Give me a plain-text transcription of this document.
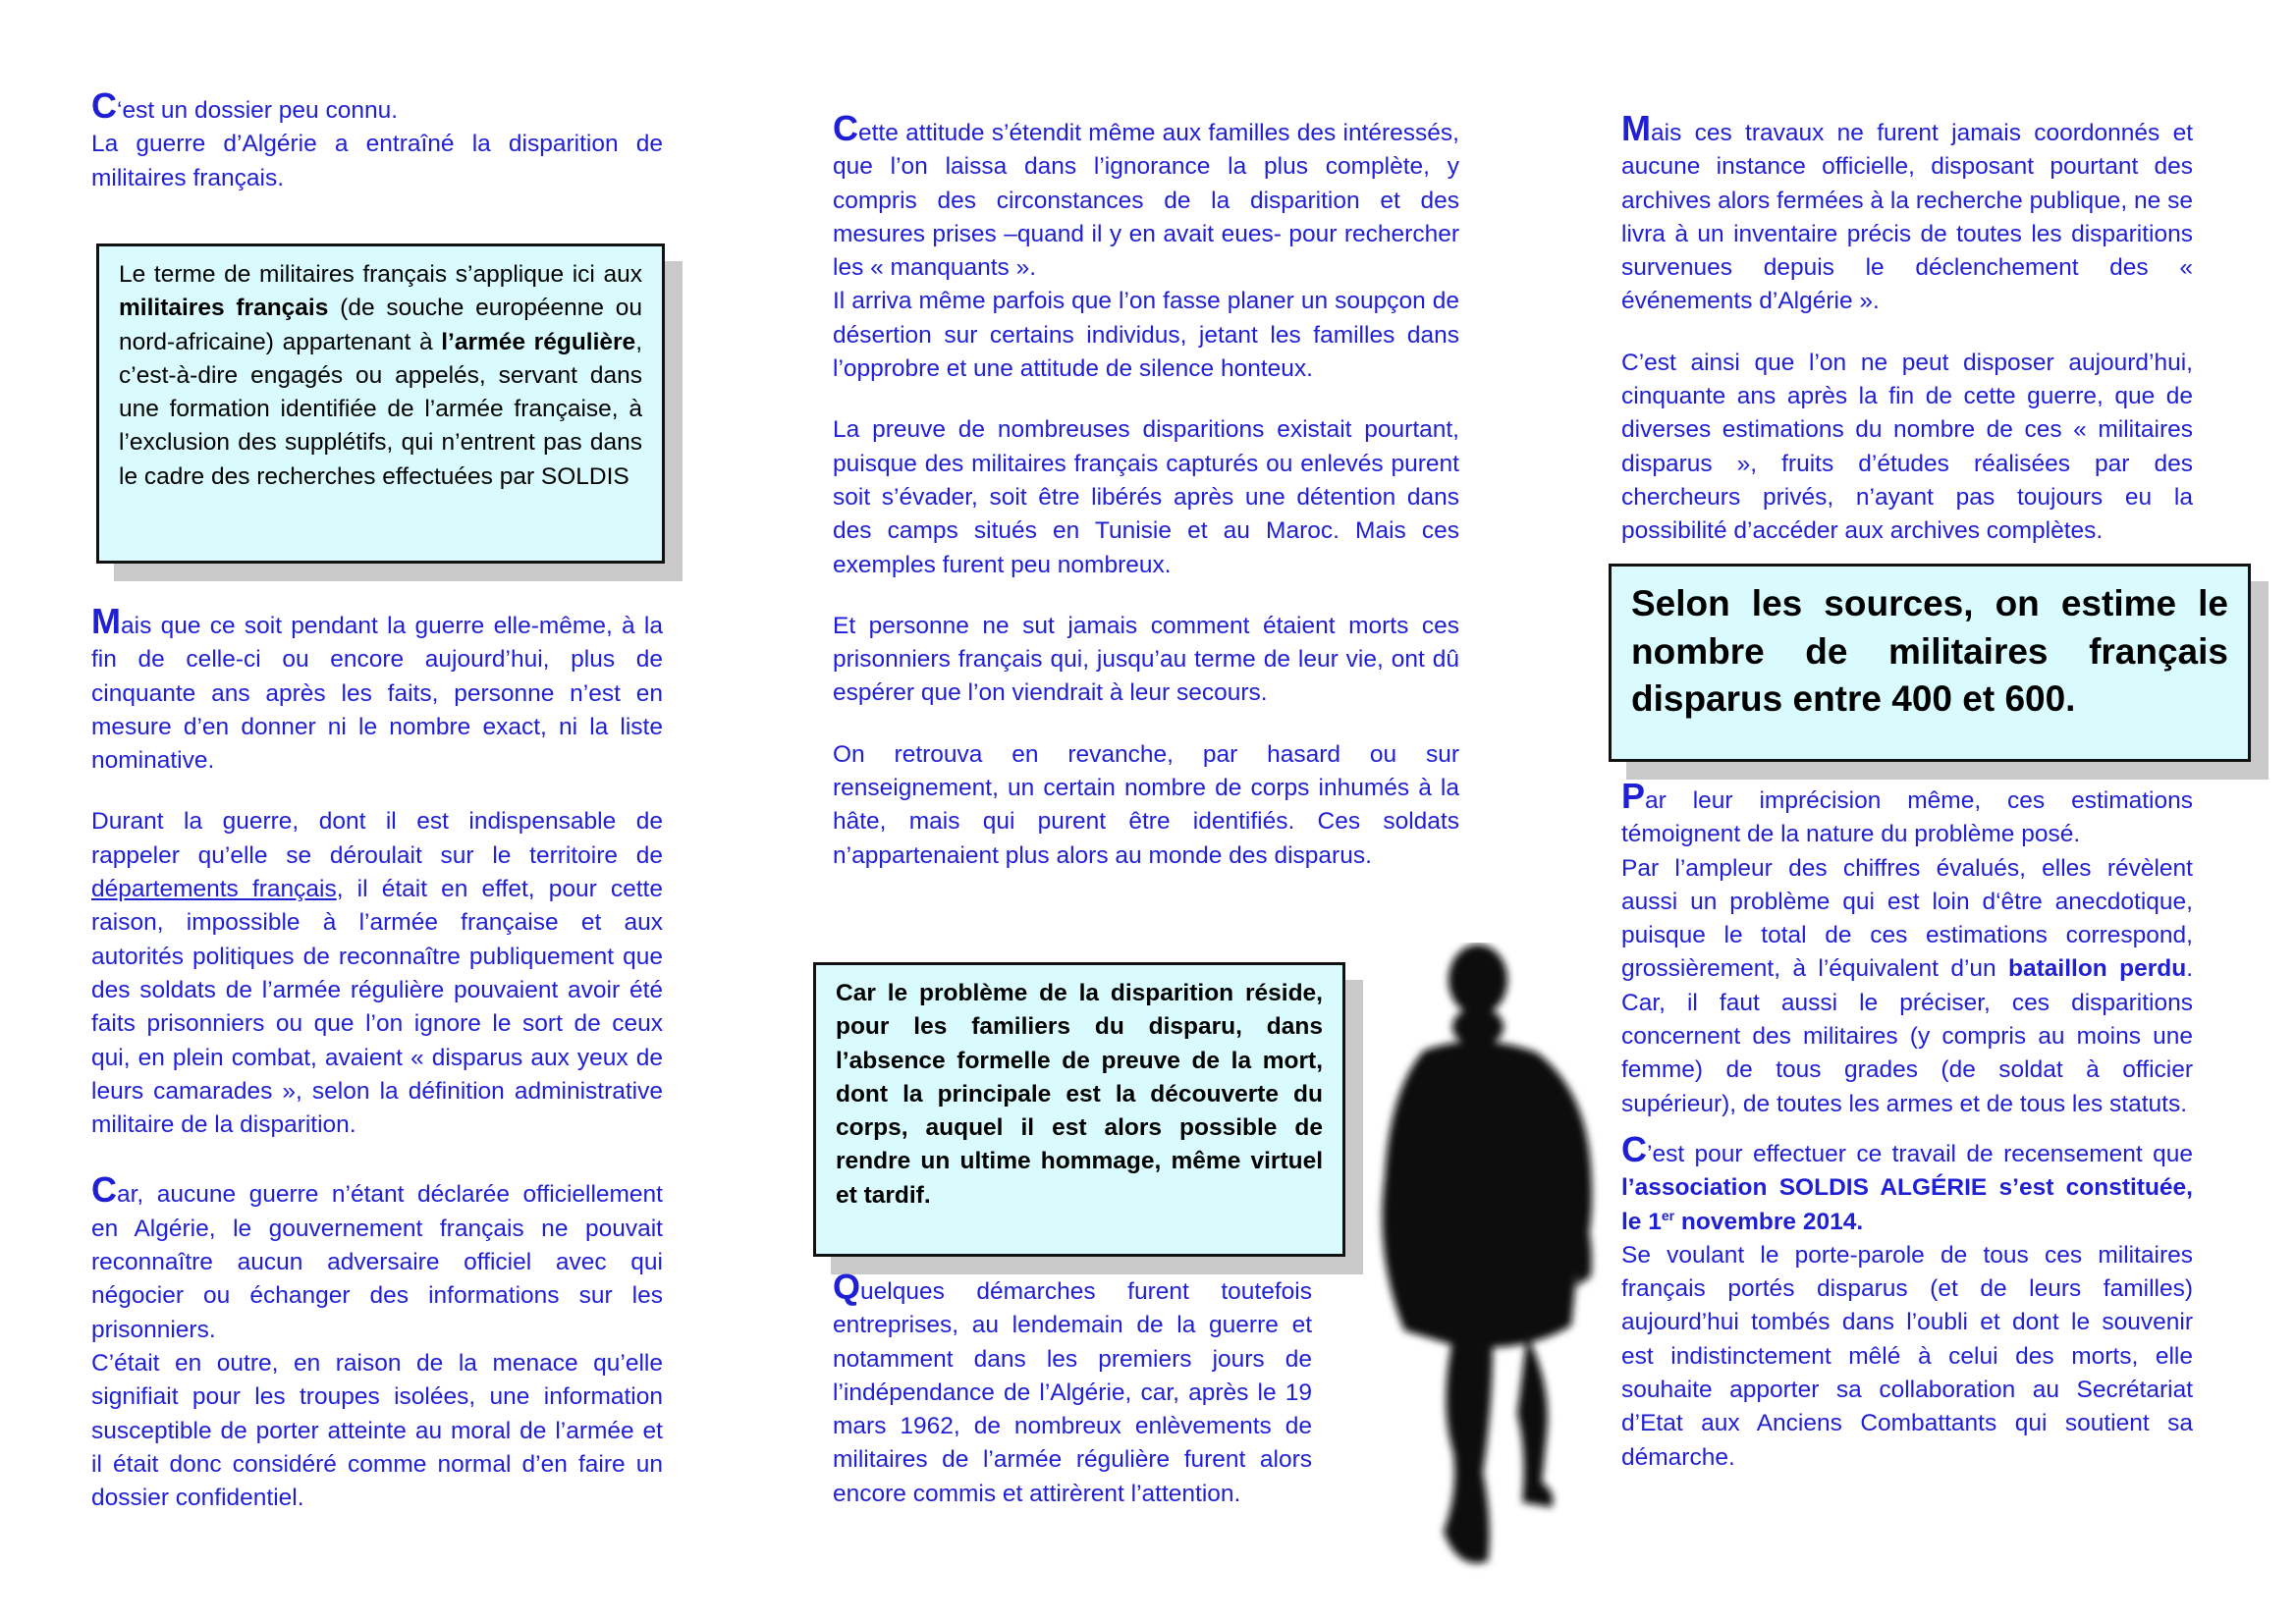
C‘est un dossier peu connu.

La guerre d’Algérie a entraîné la disparition de militaires français.

Le terme de militaires français s’applique ici aux militaires français (de souche européenne ou nord-africaine) appartenant à l’armée régulière, c’est-à-dire engagés ou appelés, servant dans une formation identifiée de l’armée française, à l’exclusion des supplétifs, qui n’entrent pas dans le cadre des recherches effectuées par SOLDIS

Mais que ce soit pendant la guerre elle-même, à la fin de celle-ci ou encore aujourd’hui, plus de cinquante ans après les faits, personne n’est en mesure d’en donner ni le nombre exact, ni la liste nominative.

Durant la guerre, dont il est indispensable de rappeler qu’elle se déroulait sur le territoire de départements français, il était en effet, pour cette raison, impossible à l’armée française et aux autorités politiques de reconnaître publiquement que des soldats de l’armée régulière pouvaient avoir été faits prisonniers ou que l’on ignore le sort de ceux qui, en plein combat, avaient « disparus aux yeux de leurs camarades », selon la définition administrative militaire de la disparition.

Car, aucune guerre n’étant déclarée officiellement en Algérie, le gouvernement français ne pouvait reconnaître aucun adversaire officiel avec qui négocier ou échanger des informations sur les prisonniers.

C’était en outre, en raison de la menace qu’elle signifiait pour les troupes isolées, une information susceptible de porter atteinte au moral de l’armée et il était donc considéré comme normal d’en faire un dossier confidentiel.

Cette attitude s’étendit même aux familles des intéressés, que l’on laissa dans l’ignorance la plus complète, y compris des circonstances de la disparition et des mesures prises –quand il y en avait eues- pour rechercher les « manquants ».

Il arriva même parfois que l’on fasse planer un soupçon de désertion sur certains individus, jetant les familles dans l’opprobre et une attitude de silence honteux.

La preuve de nombreuses disparitions existait pourtant, puisque des militaires français capturés ou enlevés purent soit s’évader, soit être libérés après une détention dans des camps situés en Tunisie et au Maroc. Mais ces exemples furent peu nombreux.

Et personne ne sut jamais comment étaient morts ces prisonniers français qui, jusqu’au terme de leur vie, ont dû espérer que l’on viendrait à leur secours.

On retrouva en revanche, par hasard ou sur renseignement, un certain nombre de corps inhumés à la hâte, mais qui purent être identifiés. Ces soldats n’appartenaient plus alors au monde des disparus.

Car le problème de la disparition réside, pour les familiers du disparu, dans l’absence formelle de preuve de la mort, dont la principale est la découverte du corps, auquel il est alors possible de rendre un ultime hommage, même virtuel et tardif.

Quelques démarches furent toutefois entreprises, au lendemain de la guerre et notamment dans les premiers jours de l’indépendance de l’Algérie, car, après le 19 mars 1962, de nombreux enlèvements de militaires de l’armée régulière furent alors encore commis et attirèrent l’attention.

Mais ces travaux ne furent jamais coordonnés et aucune instance officielle, disposant pourtant des archives alors fermées à la recherche publique, ne se livra à un inventaire précis de toutes les disparitions survenues depuis le déclenchement des « événements d’Algérie ».

C’est ainsi que l’on ne peut disposer aujourd’hui, cinquante ans après la fin de cette guerre, que de diverses estimations du nombre de ces « militaires disparus », fruits d’études réalisées par des chercheurs privés, n’ayant pas toujours eu la possibilité d’accéder aux archives complètes.

Selon les sources, on estime le nombre de militaires français disparus entre 400 et 600.

Par leur imprécision même, ces estimations témoignent de la nature du problème posé.

Par l’ampleur des chiffres évalués, elles révèlent aussi un problème qui est loin d‘être anecdotique, puisque le total de ces estimations correspond, grossièrement, à l’équivalent d’un bataillon perdu. Car, il faut aussi le préciser, ces disparitions concernent des militaires (y compris au moins une femme) de tous grades (de soldat à officier supérieur), de toutes les armes et de tous les statuts.

C’est pour effectuer ce travail de recensement que l’association SOLDIS ALGÉRIE s’est constituée, le 1er novembre 2014.

Se voulant le porte-parole de tous ces militaires français portés disparus (et de leurs familles) aujourd’hui tombés dans l’oubli et dont le souvenir est indistinctement mêlé à celui des morts, elle souhaite apporter sa collaboration au Secrétariat d’Etat aux Anciens Combattants qui soutient sa démarche.
